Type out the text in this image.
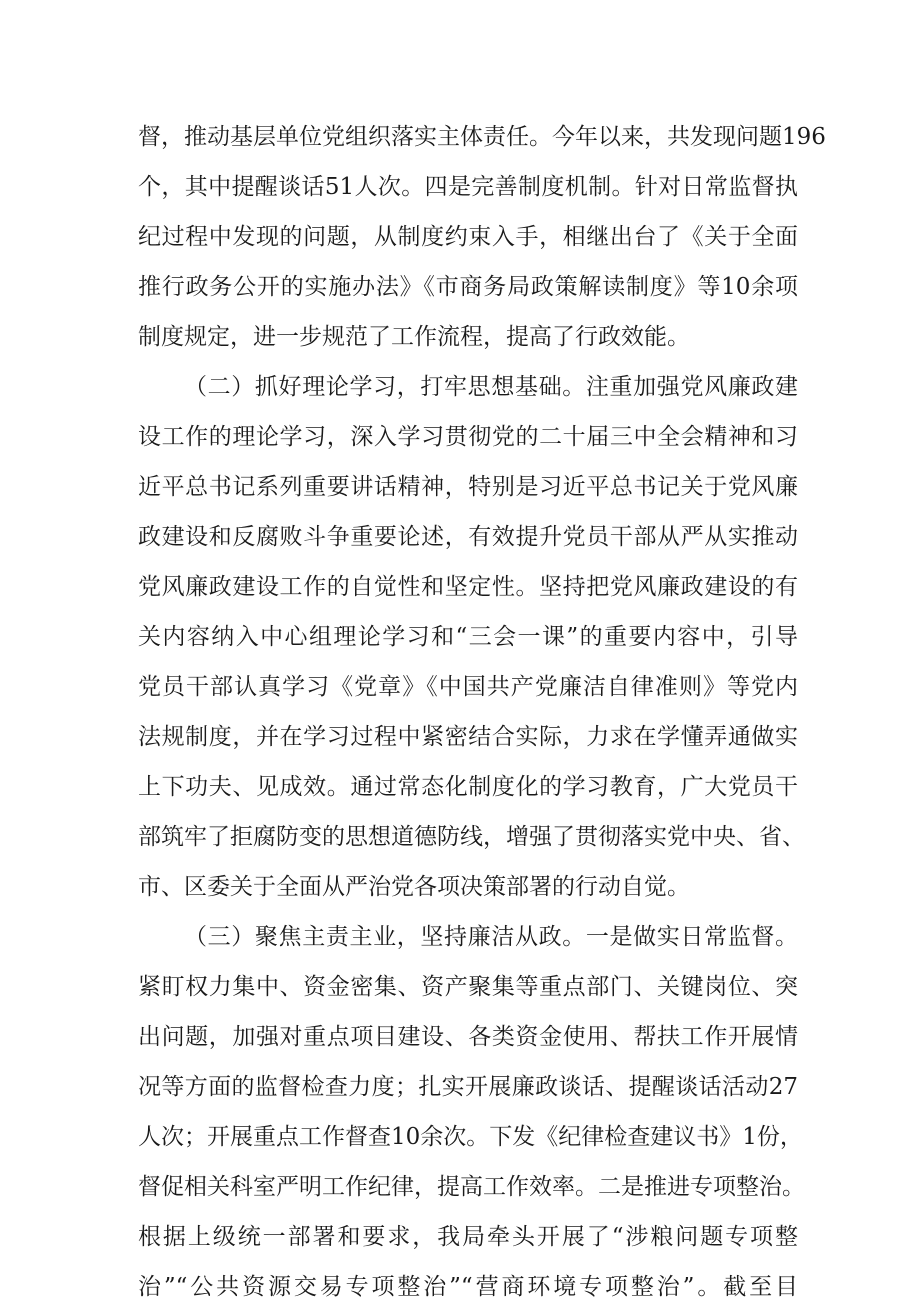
督，推动基层单位党组织落实主体责任。今年以来，共发现问题196
个，其中提醒谈话51人次。四是完善制度机制。针对日常监督执
纪过程中发现的问题，从制度约束入手，相继出台了《关于全面
推行政务公开的实施办法》《市商务局政策解读制度》等10余项
制度规定，进一步规范了工作流程，提高了行政效能。
（二）抓好理论学习，打牢思想基础。注重加强党风廉政建
设工作的理论学习，深入学习贯彻党的二十届三中全会精神和习
近平总书记系列重要讲话精神，特别是习近平总书记关于党风廉
政建设和反腐败斗争重要论述，有效提升党员干部从严从实推动
党风廉政建设工作的自觉性和坚定性。坚持把党风廉政建设的有
关内容纳入中心组理论学习和“三会一课”的重要内容中，引导
党员干部认真学习《党章》《中国共产党廉洁自律准则》等党内
法规制度，并在学习过程中紧密结合实际，力求在学懂弄通做实
上下功夫、见成效。通过常态化制度化的学习教育，广大党员干
部筑牢了拒腐防变的思想道德防线，增强了贯彻落实党中央、省、
市、区委关于全面从严治党各项决策部署的行动自觉。
（三）聚焦主责主业，坚持廉洁从政。一是做实日常监督。
紧盯权力集中、资金密集、资产聚集等重点部门、关键岗位、突
出问题，加强对重点项目建设、各类资金使用、帮扶工作开展情
况等方面的监督检查力度；扎实开展廉政谈话、提醒谈话活动27
人次；开展重点工作督查10余次。下发《纪律检查建议书》1份，
督促相关科室严明工作纪律，提高工作效率。二是推进专项整治。
根据上级统一部署和要求，我局牵头开展了“涉粮问题专项整
治”“公共资源交易专项整治”“营商环境专项整治”。截至目
